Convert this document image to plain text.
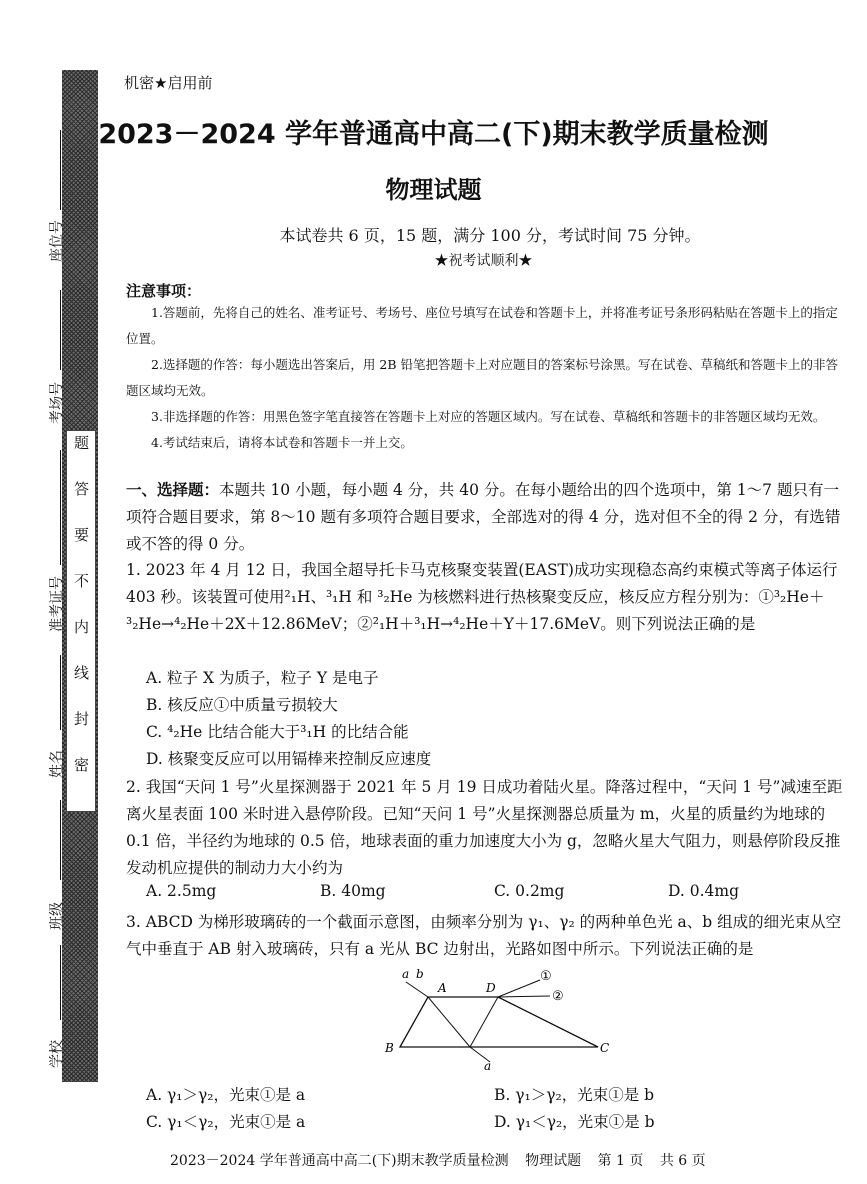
题
答
要
不
内
线
封
密
座位号
考场号
准考证号
姓名
班级
学校
机密★启用前
2023－2024 学年普通高中高二(下)期末教学质量检测
物理试题
本试卷共 6 页，15 题，满分 100 分，考试时间 75 分钟。
★祝考试顺利★
注意事项：

1.答题前，先将自己的姓名、准考证号、考场号、座位号填写在试卷和答题卡上，并将准考证号条形码粘贴在答题卡上的指定位置。

2.选择题的作答：每小题选出答案后，用 2B 铅笔把答题卡上对应题目的答案标号涂黑。写在试卷、草稿纸和答题卡上的非答题区域均无效。

3.非选择题的作答：用黑色签字笔直接答在答题卡上对应的答题区域内。写在试卷、草稿纸和答题卡的非答题区域均无效。

4.考试结束后，请将本试卷和答题卡一并上交。

一、选择题：本题共 10 小题，每小题 4 分，共 40 分。在每小题给出的四个选项中，第 1～7 题只有一项符合题目要求，第 8～10 题有多项符合题目要求，全部选对的得 4 分，选对但不全的得 2 分，有选错或不答的得 0 分。

1. 2023 年 4 月 12 日，我国全超导托卡马克核聚变装置(EAST)成功实现稳态高约束模式等离子体运行 403 秒。该装置可使用²₁H、³₁H 和 ³₂He 为核燃料进行热核聚变反应，核反应方程分别为：①³₂He＋³₂He→⁴₂He＋2X＋12.86MeV；②²₁H＋³₁H→⁴₂He＋Y＋17.6MeV。则下列说法正确的是

A. 粒子 X 为质子，粒子 Y 是电子
B. 核反应①中质量亏损较大
C. ⁴₂He 比结合能大于³₁H 的比结合能
D. 核聚变反应可以用镉棒来控制反应速度

2. 我国“天问 1 号”火星探测器于 2021 年 5 月 19 日成功着陆火星。降落过程中，“天问 1 号”减速至距离火星表面 100 米时进入悬停阶段。已知“天问 1 号”火星探测器总质量为 m，火星的质量约为地球的 0.1 倍，半径约为地球的 0.5 倍，地球表面的重力加速度大小为 g，忽略火星大气阻力，则悬停阶段反推发动机应提供的制动力大小约为

A. 2.5mg	B. 40mg	C. 0.2mg	D. 0.4mg

3. ABCD 为梯形玻璃砖的一个截面示意图，由频率分别为 γ₁、γ₂ 的两种单色光 a、b 组成的细光束从空气中垂直于 AB 射入玻璃砖，只有 a 光从 BC 边射出，光路如图中所示。下列说法正确的是

a b
A
B	C
D
①
②
a
A. γ₁＞γ₂，光束①是 a	B. γ₁＞γ₂，光束①是 b
C. γ₁＜γ₂，光束①是 a	D. γ₁＜γ₂，光束①是 b
2023－2024 学年普通高中高二(下)期末教学质量检测 物理试题 第 1 页 共 6 页
